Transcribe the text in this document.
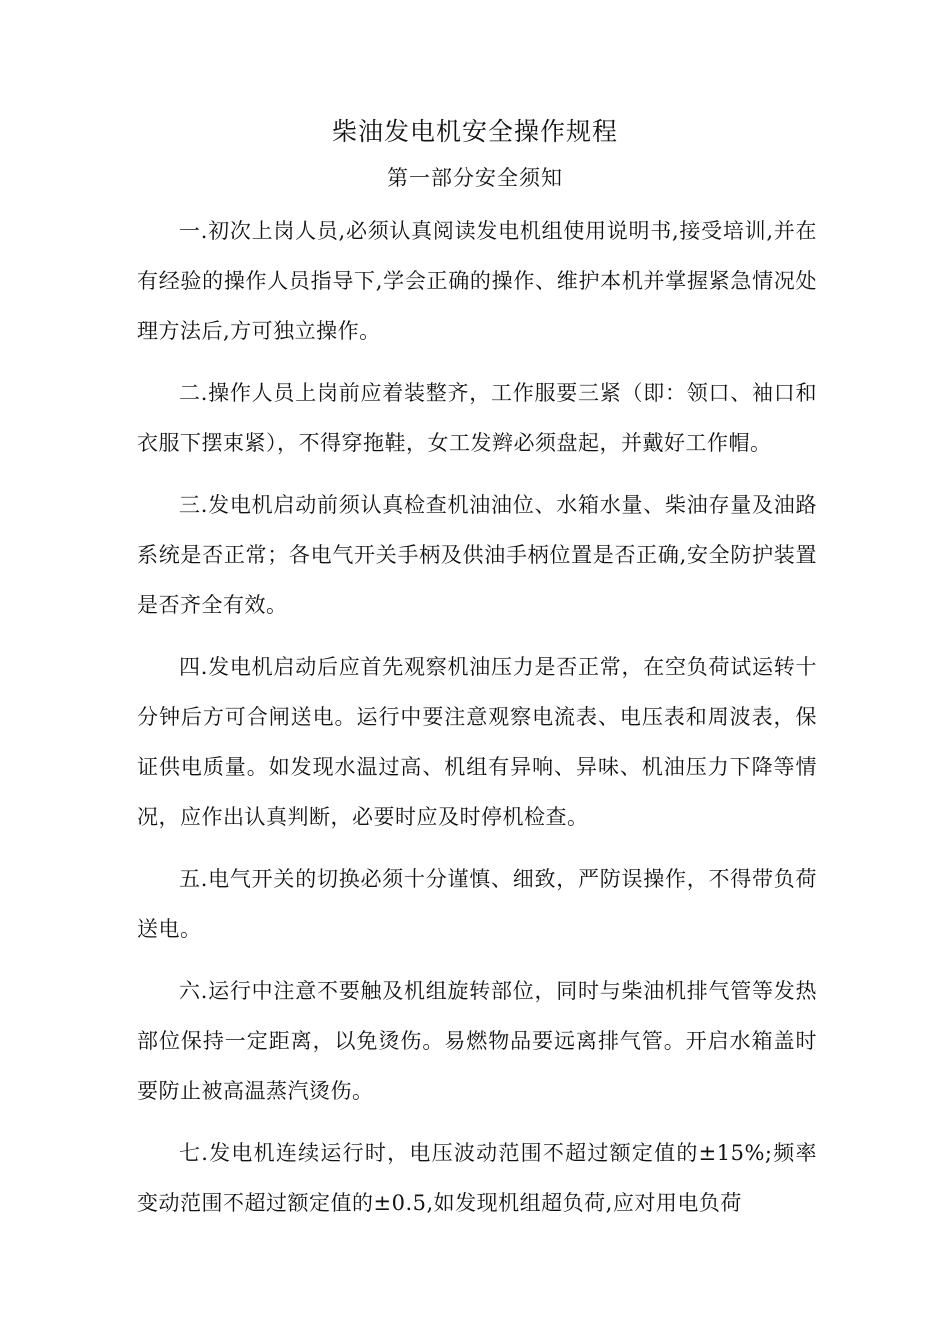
柴油发电机安全操作规程
第一部分安全须知

一.初次上岗人员,必须认真阅读发电机组使用说明书,接受培训,并在有经验的操作人员指导下,学会正确的操作、维护本机并掌握紧急情况处理方法后,方可独立操作。

二.操作人员上岗前应着装整齐，工作服要三紧（即：领口、袖口和衣服下摆束紧），不得穿拖鞋，女工发辫必须盘起，并戴好工作帽。

三.发电机启动前须认真检查机油油位、水箱水量、柴油存量及油路系统是否正常；各电气开关手柄及供油手柄位置是否正确,安全防护装置是否齐全有效。

四.发电机启动后应首先观察机油压力是否正常，在空负荷试运转十分钟后方可合闸送电。运行中要注意观察电流表、电压表和周波表，保证供电质量。如发现水温过高、机组有异响、异味、机油压力下降等情况，应作出认真判断，必要时应及时停机检查。

五.电气开关的切换必须十分谨慎、细致，严防误操作，不得带负荷送电。

六.运行中注意不要触及机组旋转部位，同时与柴油机排气管等发热部位保持一定距离，以免烫伤。易燃物品要远离排气管。开启水箱盖时要防止被高温蒸汽烫伤。

七.发电机连续运行时，电压波动范围不超过额定值的±15%;频率变动范围不超过额定值的±0.5,如发现机组超负荷,应对用电负荷
